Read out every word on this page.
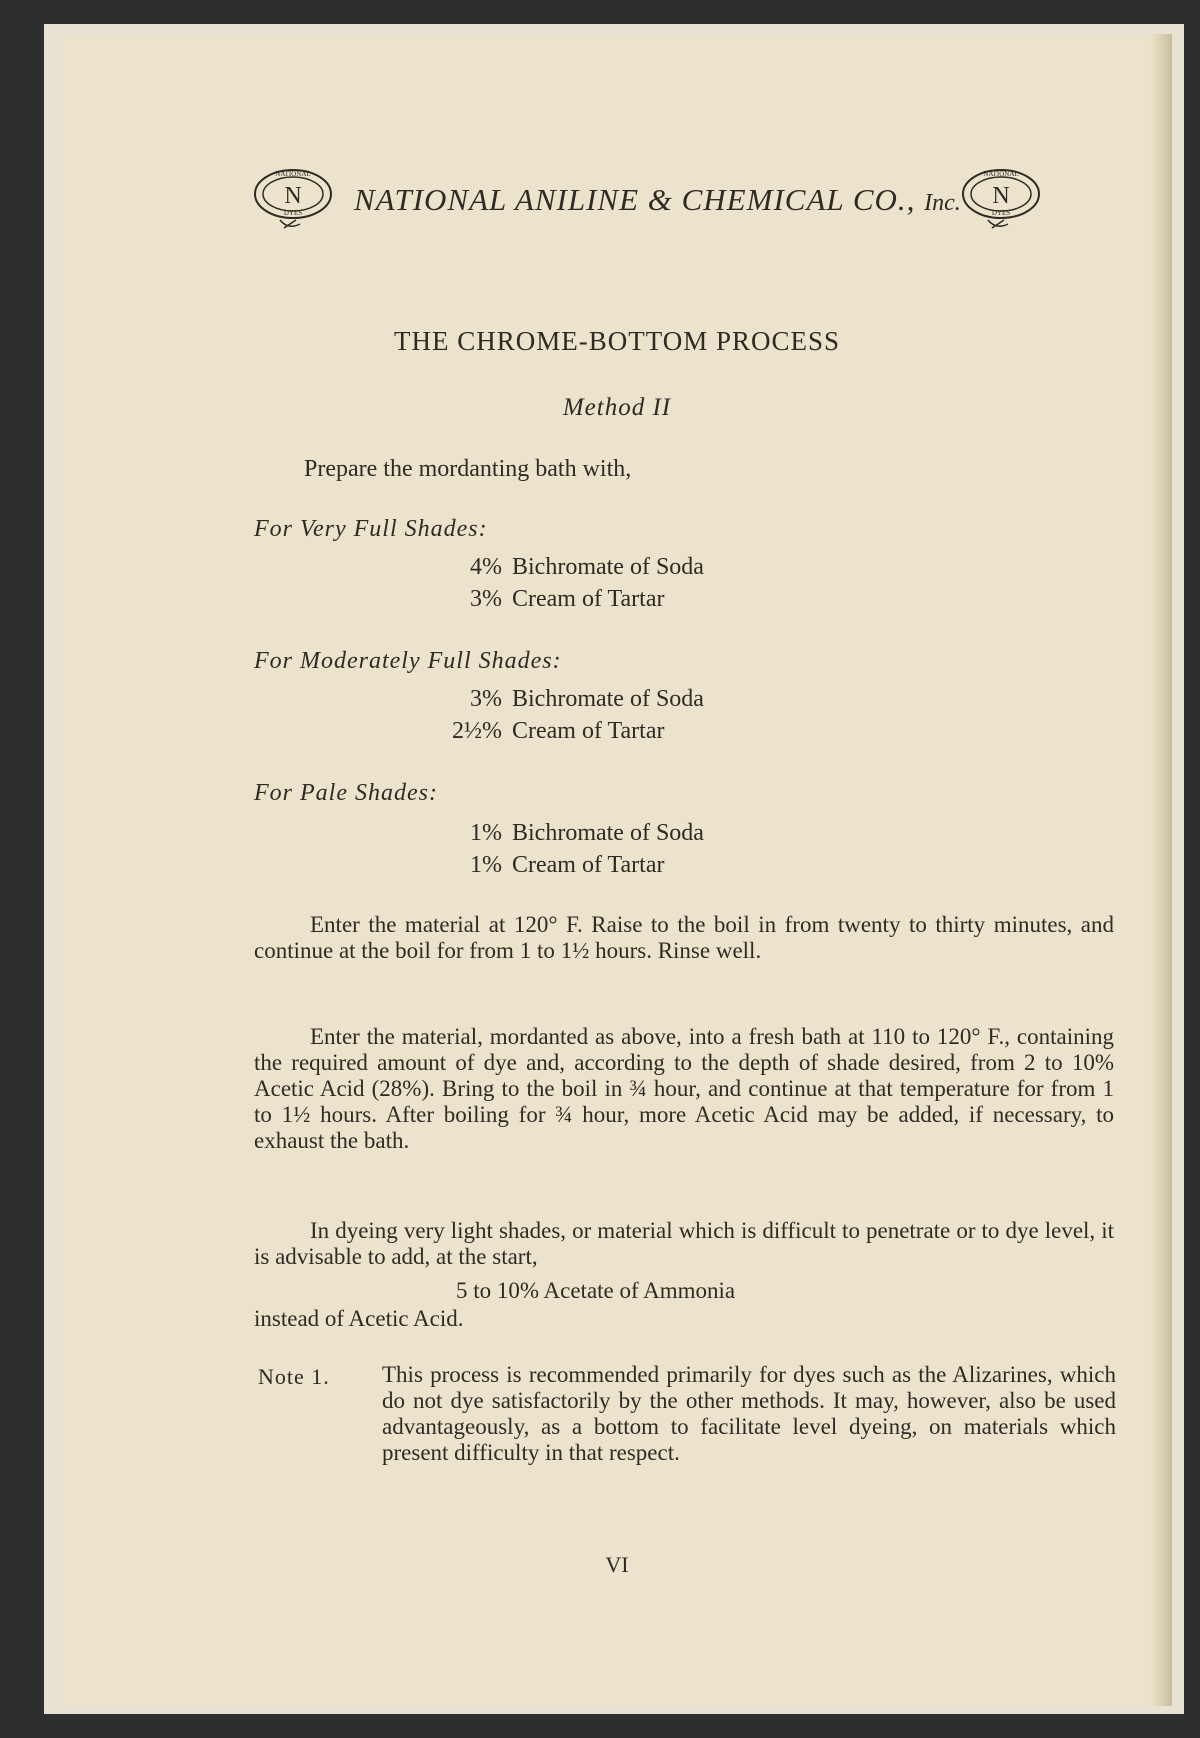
NATIONAL
N
DYES NATIONAL ANILINE & CHEMICAL CO., Inc.
NATIONAL
N
DYES
THE CHROME-BOTTOM PROCESS
Method II
Prepare the mordanting bath with,
For Very Full Shades:
4% Bichromate of Soda
3% Cream of Tartar
For Moderately Full Shades:
3% Bichromate of Soda
2½% Cream of Tartar
For Pale Shades:
1% Bichromate of Soda
1% Cream of Tartar
Enter the material at 120° F. Raise to the boil in from twenty to thirty minutes, and continue at the boil for from 1 to 1½ hours. Rinse well.
Enter the material, mordanted as above, into a fresh bath at 110 to 120° F., containing the required amount of dye and, according to the depth of shade desired, from 2 to 10% Acetic Acid (28%). Bring to the boil in ¾ hour, and continue at that temperature for from 1 to 1½ hours. After boiling for ¾ hour, more Acetic Acid may be added, if necessary, to exhaust the bath.
In dyeing very light shades, or material which is difficult to penetrate or to dye level, it is advisable to add, at the start,
5 to 10% Acetate of Ammonia
instead of Acetic Acid.
Note 1. This process is recommended primarily for dyes such as the Alizarines, which do not dye satisfactorily by the other methods. It may, however, also be used advantageously, as a bottom to facilitate level dyeing, on materials which present difficulty in that respect.
VI
